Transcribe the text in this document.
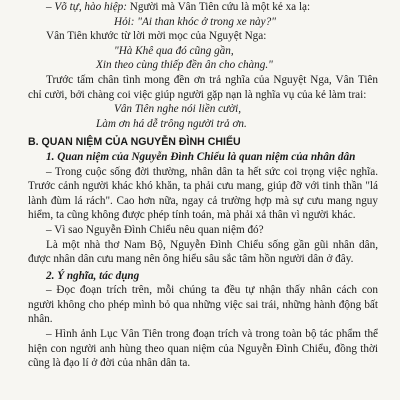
– Võ tự, hào hiệp: Người mà Vân Tiên cứu là một kẻ xa lạ:

Hỏi: "Ai than khóc ở trong xe này?"

Vân Tiên khước từ lời mời mọc của Nguyệt Nga:

"Hà Khê qua đó cũng gần,

Xin theo cùng thiếp đền ân cho chàng."

Trước tấm chân tình mong đền ơn trả nghĩa của Nguyệt Nga, Vân Tiên chỉ cười, bởi chàng coi việc giúp người gặp nạn là nghĩa vụ của kẻ làm trai:

Vân Tiên nghe nói liền cười,

Làm ơn há dễ trông người trả ơn.

B. QUAN NIỆM CỦA NGUYỄN ĐÌNH CHIỂU

1. Quan niệm của Nguyễn Đình Chiểu là quan niệm của nhân dân

– Trong cuộc sống đời thường, nhân dân ta hết sức coi trọng việc nghĩa. Trước cảnh người khác khó khăn, ta phải cưu mang, giúp đỡ với tinh thần "lá lành đùm lá rách". Cao hơn nữa, ngay cả trường hợp mà sự cưu mang nguy hiểm, ta cũng không được phép tính toán, mà phải xả thân vì người khác.

– Vì sao Nguyễn Đình Chiểu nêu quan niệm đó?

Là một nhà thơ Nam Bộ, Nguyễn Đình Chiểu sống gần gũi nhân dân, được nhân dân cưu mang nên ông hiểu sâu sắc tâm hồn người dân ở đây.

2. Ý nghĩa, tác dụng

– Đọc đoạn trích trên, mỗi chúng ta đều tự nhận thấy nhân cách con người không cho phép mình bỏ qua những việc sai trái, những hành động bất nhân.

– Hình ảnh Lục Vân Tiên trong đoạn trích và trong toàn bộ tác phẩm thể hiện con người anh hùng theo quan niệm của Nguyễn Đình Chiểu, đồng thời cũng là đạo lí ở đời của nhân dân ta.
